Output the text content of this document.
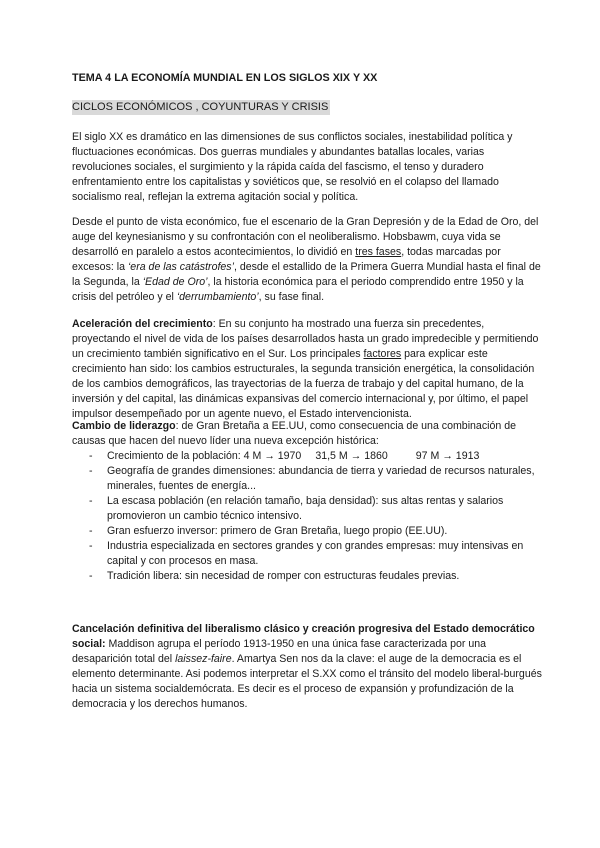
TEMA 4 LA ECONOMÍA MUNDIAL EN LOS SIGLOS XIX Y XX
CICLOS ECONÓMICOS , COYUNTURAS Y CRISIS

El siglo XX es dramático en las dimensiones de sus conflictos sociales, inestabilidad política y fluctuaciones económicas. Dos guerras mundiales y abundantes batallas locales, varias revoluciones sociales, el surgimiento y la rápida caída del fascismo, el tenso y duradero enfrentamiento entre los capitalistas y soviéticos que, se resolvió en el colapso del llamado socialismo real, reflejan la extrema agitación social y política.

Desde el punto de vista económico, fue el escenario de la Gran Depresión y de la Edad de Oro, del auge del keynesianismo y su confrontación con el neoliberalismo. Hobsbawm, cuya vida se desarrolló en paralelo a estos acontecimientos, lo dividió en tres fases, todas marcadas por excesos: la ‘era de las catástrofes’, desde el estallido de la Primera Guerra Mundial hasta el final de la Segunda, la ‘Edad de Oro’, la historia económica para el periodo comprendido entre 1950 y la crisis del petróleo y el ‘derrumbamiento’, su fase final.

Aceleración del crecimiento: En su conjunto ha mostrado una fuerza sin precedentes, proyectando el nivel de vida de los países desarrollados hasta un grado impredecible y permitiendo un crecimiento también significativo en el Sur. Los principales factores para explicar este crecimiento han sido: los cambios estructurales, la segunda transición energética, la consolidación de los cambios demográficos, las trayectorias de la fuerza de trabajo y del capital humano, de la inversión y del capital, las dinámicas expansivas del comercio internacional y, por último, el papel impulsor desempeñado por un agente nuevo, el Estado intervencionista.

Cambio de liderazgo: de Gran Bretaña a EE.UU, como consecuencia de una combinación de causas que hacen del nuevo líder una nueva excepción histórica:

- Crecimiento de la población: 4 M → 1970 31,5 M → 1860	97 M → 1913
- Geografía de grandes dimensiones: abundancia de tierra y variedad de recursos naturales, minerales, fuentes de energía...
- La escasa población (en relación tamaño, baja densidad): sus altas rentas y salarios promovieron un cambio técnico intensivo.
- Gran esfuerzo inversor: primero de Gran Bretaña, luego propio (EE.UU).
- Industria especializada en sectores grandes y con grandes empresas: muy intensivas en capital y con procesos en masa.
- Tradición libera: sin necesidad de romper con estructuras feudales previas.

Cancelación definitiva del liberalismo clásico y creación progresiva del Estado democrático social: Maddison agrupa el período 1913-1950 en una única fase caracterizada por una desaparición total del laissez-faire. Amartya Sen nos da la clave: el auge de la democracia es el elemento determinante. Asi podemos interpretar el S.XX como el tránsito del modelo liberal-burgués hacia un sistema socialdemócrata. Es decir es el proceso de expansión y profundización de la democracia y los derechos humanos.
